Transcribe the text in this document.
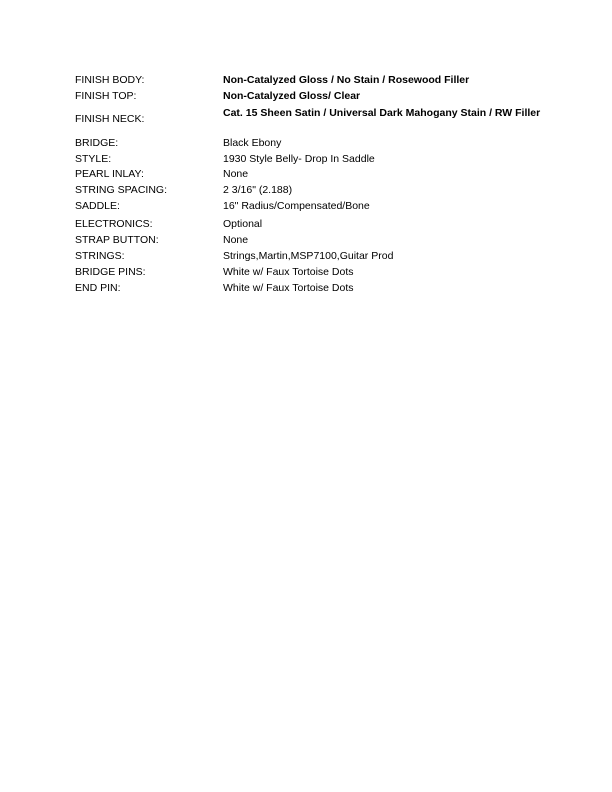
FINISH BODY:	Non-Catalyzed Gloss / No Stain / Rosewood Filler
FINISH TOP:	Non-Catalyzed Gloss/ Clear
FINISH NECK:	Cat. 15 Sheen Satin / Universal Dark Mahogany Stain / RW Filler
BRIDGE:	Black Ebony
STYLE:	1930 Style Belly- Drop In Saddle
PEARL INLAY:	None
STRING SPACING:	2 3/16" (2.188)
SADDLE:	16" Radius/Compensated/Bone
ELECTRONICS:	Optional
STRAP BUTTON:	None
STRINGS:	Strings,Martin,MSP7100,Guitar Prod
BRIDGE PINS:	White w/ Faux Tortoise Dots
END PIN:	White w/ Faux Tortoise Dots
